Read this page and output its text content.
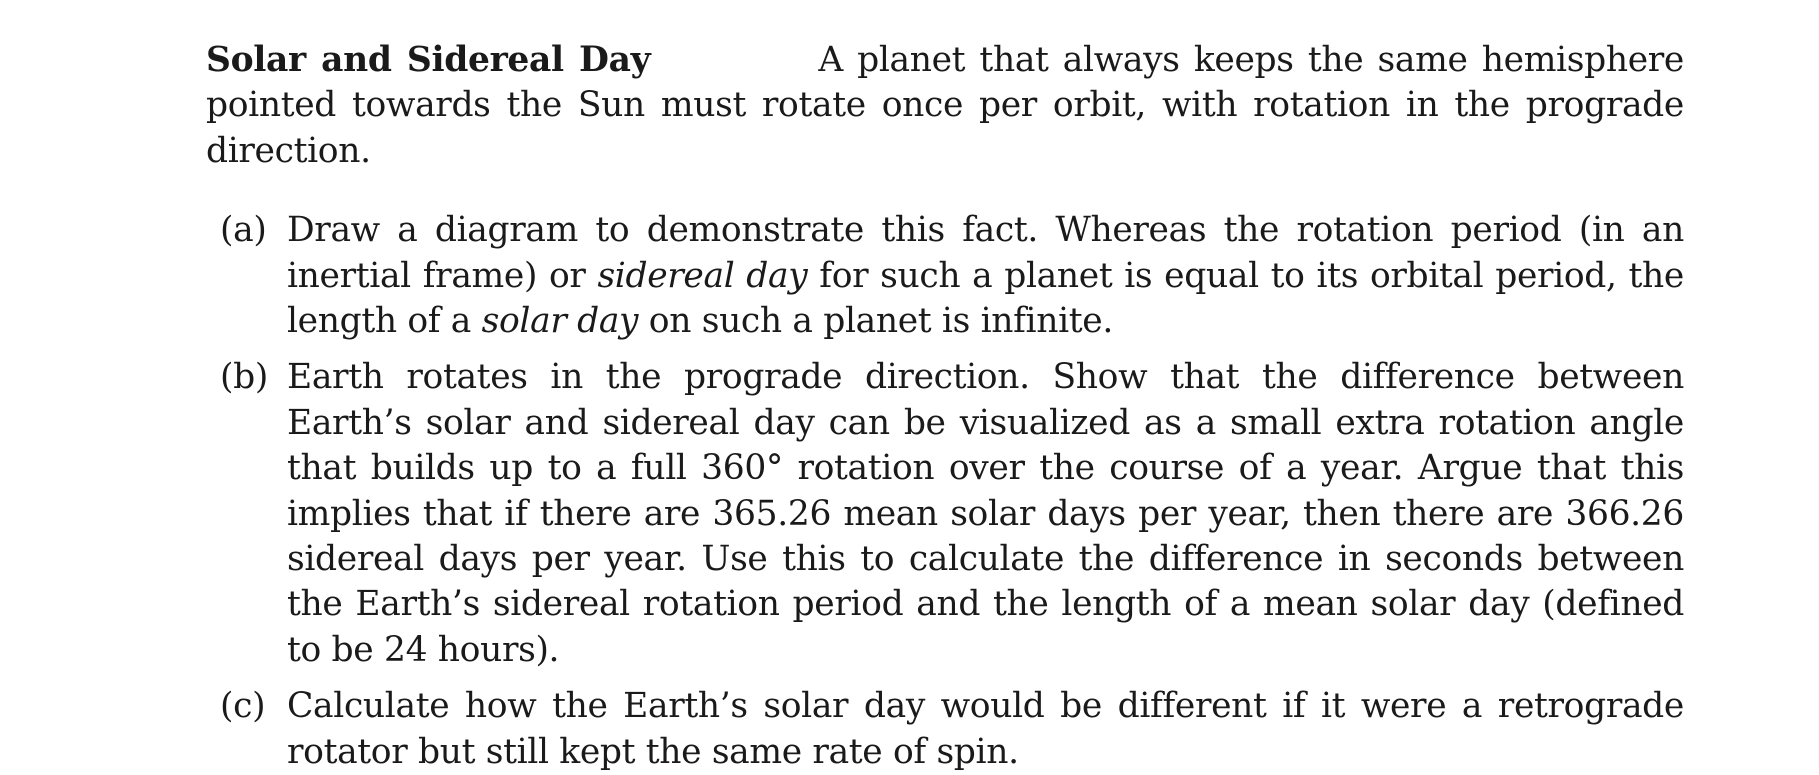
Solar and Sidereal Day	A planet that always keeps the same hemisphere pointed towards the Sun must rotate once per orbit, with rotation in the prograde direction.

(a) Draw a diagram to demonstrate this fact. Whereas the rotation period (in an inertial frame) or sidereal day for such a planet is equal to its orbital period, the length of a solar day on such a planet is infinite.
(b) Earth rotates in the prograde direction. Show that the difference between Earth’s solar and sidereal day can be visualized as a small extra rotation angle that builds up to a full 360° rotation over the course of a year. Argue that this implies that if there are 365.26 mean solar days per year, then there are 366.26 sidereal days per year. Use this to calculate the difference in seconds between the Earth’s sidereal rotation period and the length of a mean solar day (defined to be 24 hours).
(c) Calculate how the Earth’s solar day would be different if it were a retrograde rotator but still kept the same rate of spin.
